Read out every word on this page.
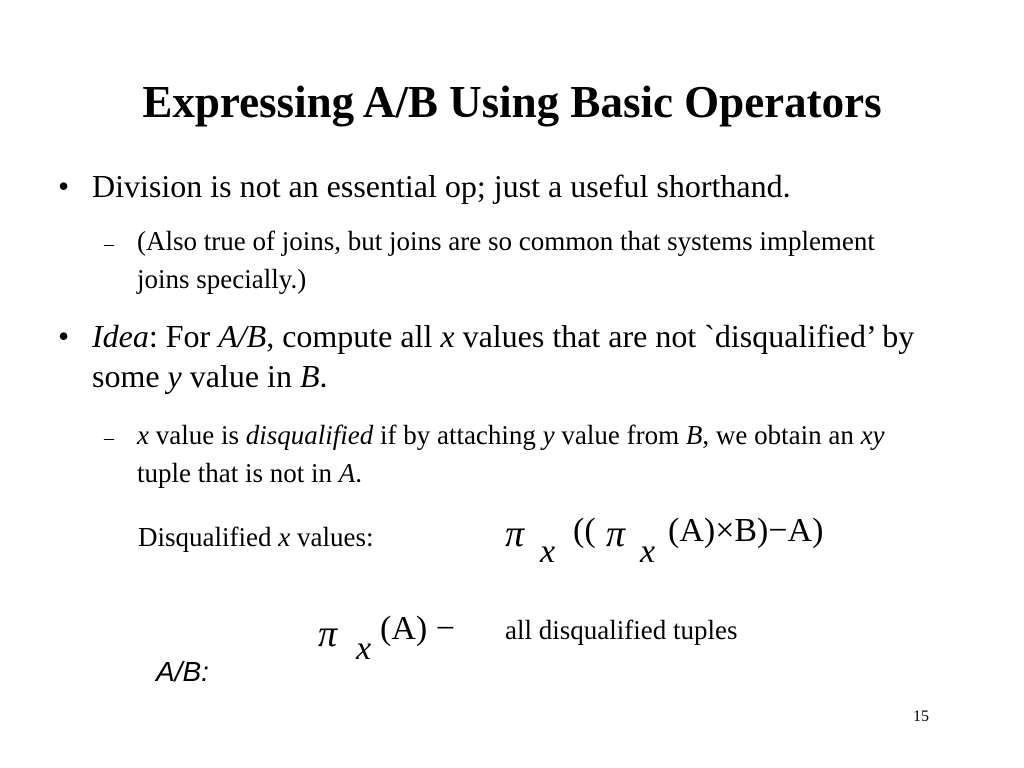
Expressing A/B Using Basic Operators
• Division is not an essential op; just a useful shorthand.
– (Also true of joins, but joins are so common that systems implement joins specially.)
• Idea: For A/B, compute all x values that are not `disqualified’ by some y value in B.
– x value is disqualified if by attaching y value from B, we obtain an xy tuple that is not in A.
Disqualified x values:	π x
(( π x
(A)×B)−A)
π x
(A) − all disqualified tuples
A/B:
15
